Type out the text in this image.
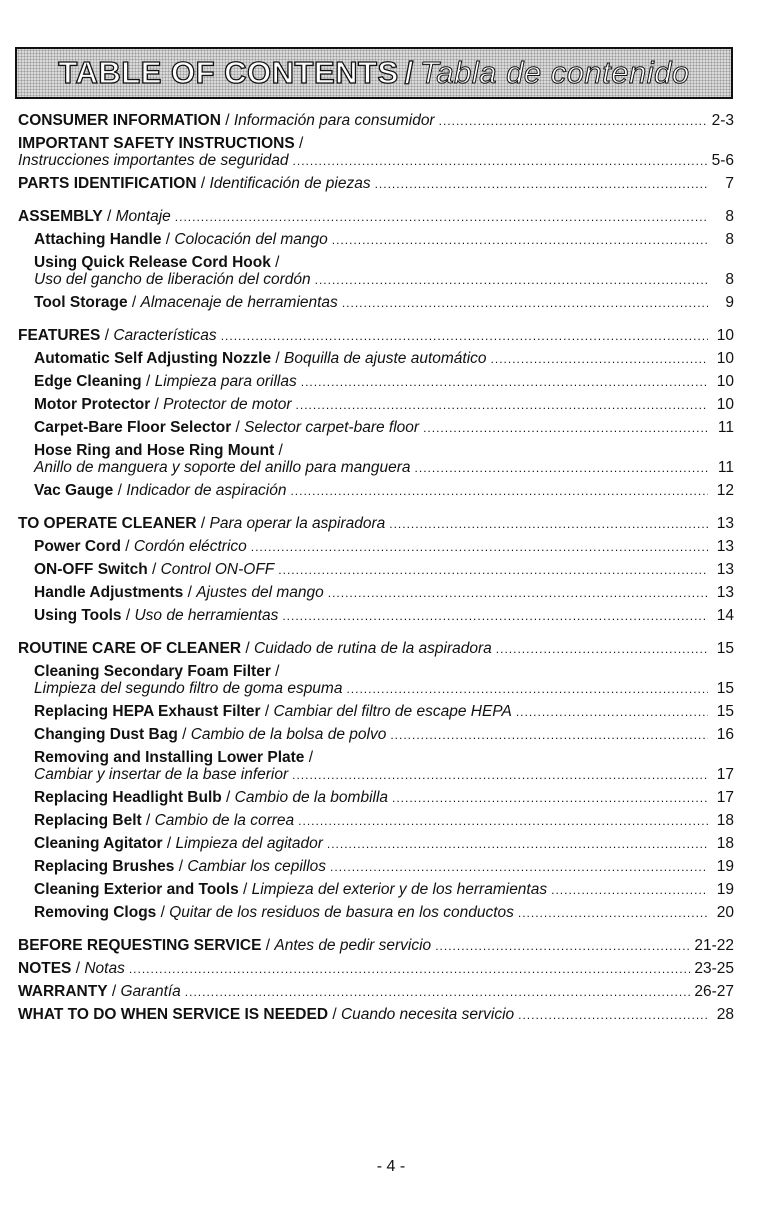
TABLE OF CONTENTS / Tabla de contenido
CONSUMER INFORMATION / Información para consumidor .....	2-3
IMPORTANT SAFETY INSTRUCTIONS /
Instrucciones importantes de seguridad .....	5-6
PARTS IDENTIFICATION / Identificación de piezas .....	7
ASSEMBLY / Montaje .....	8
Attaching Handle / Colocación del mango .....	8
Using Quick Release Cord Hook /
Uso del gancho de liberación del cordón .....	8
Tool Storage / Almacenaje de herramientas .....	9
FEATURES / Características .....	10
Automatic Self Adjusting Nozzle / Boquilla de ajuste automático .....	10
Edge Cleaning / Limpieza para orillas .....	10
Motor Protector / Protector de motor .....	10
Carpet-Bare Floor Selector / Selector carpet-bare floor .....	11
Hose Ring and Hose Ring Mount /
Anillo de manguera y soporte del anillo para manguera .....	11
Vac Gauge / Indicador de aspiración .....	12
TO OPERATE CLEANER / Para operar la aspiradora .....	13
Power Cord / Cordón eléctrico .....	13
ON-OFF Switch / Control ON-OFF .....	13
Handle Adjustments / Ajustes del mango .....	13
Using Tools / Uso de herramientas .....	14
ROUTINE CARE OF CLEANER / Cuidado de rutina de la aspiradora .....	15
Cleaning Secondary Foam Filter /
Limpieza del segundo filtro de goma espuma .....	15
Replacing HEPA Exhaust Filter / Cambiar del filtro de escape HEPA .....	15
Changing Dust Bag / Cambio de la bolsa de polvo .....	16
Removing and Installing Lower Plate /
Cambiar y insertar de la base inferior .....	17
Replacing Headlight Bulb / Cambio de la bombilla .....	17
Replacing Belt / Cambio de la correa .....	18
Cleaning Agitator / Limpieza del agitador .....	18
Replacing Brushes / Cambiar los cepillos .....	19
Cleaning Exterior and Tools / Limpieza del exterior y de los herramientas .....	19
Removing Clogs / Quitar de los residuos de basura en los conductos .....	20
BEFORE REQUESTING SERVICE / Antes de pedir servicio .....	21-22
NOTES / Notas .....	23-25
WARRANTY / Garantía .....	26-27
WHAT TO DO WHEN SERVICE IS NEEDED / Cuando necesita servicio .....	28
- 4 -
